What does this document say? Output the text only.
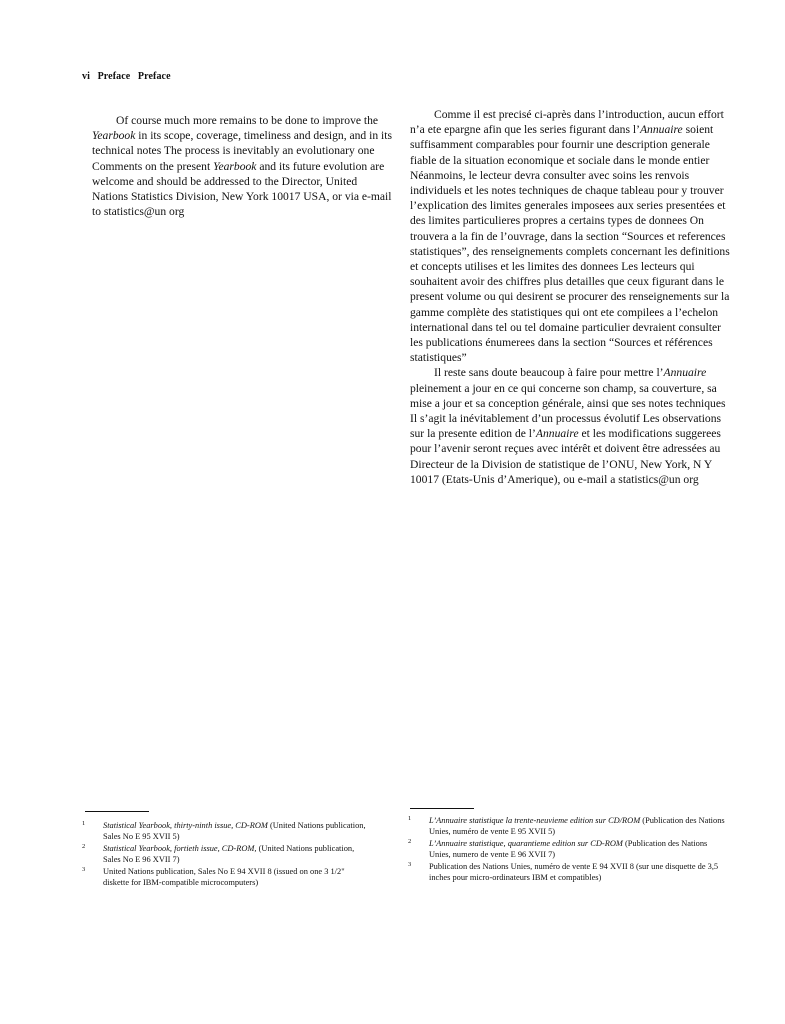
vi Preface Preface

Of course much more remains to be done to improve the Yearbook in its scope, coverage, timeliness and design, and in its technical notes The process is inevitably an evolutionary one Comments on the present Yearbook and its future evolution are welcome and should be addressed to the Director, United Nations Statistics Division, New York 10017 USA, or via e-mail to statistics@un org

Comme il est precisé ci-après dans l’introduction, aucun effort n’a ete epargne afin que les series figurant dans l’Annuaire soient suffisamment comparables pour fournir une description generale fiable de la situation economique et sociale dans le monde entier Néanmoins, le lecteur devra consulter avec soins les renvois individuels et les notes techniques de chaque tableau pour y trouver l’explication des limites generales imposees aux series presentées et des limites particulieres propres a certains types de donnees On trouvera a la fin de l’ouvrage, dans la section “Sources et references statistiques”, des renseignements complets concernant les definitions et concepts utilises et les limites des donnees Les lecteurs qui souhaitent avoir des chiffres plus detailles que ceux figurant dans le present volume ou qui desirent se procurer des renseignements sur la gamme complète des statistiques qui ont ete compilees a l’echelon international dans tel ou tel domaine particulier devraient consulter les publications énumerees dans la section “Sources et références statistiques”

Il reste sans doute beaucoup à faire pour mettre l’Annuaire pleinement a jour en ce qui concerne son champ, sa couverture, sa mise a jour et sa conception générale, ainsi que ses notes techniques Il s’agit la inévitablement d’un processus évolutif Les observations sur la presente edition de l’Annuaire et les modifications suggerees pour l’avenir seront reçues avec intérêt et doivent être adressées au Directeur de la Division de statistique de l’ONU, New York, N Y 10017 (Etats-Unis d’Amerique), ou e-mail a statistics@un org

1	Statistical Yearbook, thirty-ninth issue, CD-ROM (United Nations publication, Sales No E 95 XVII 5)
2	Statistical Yearbook, fortieth issue, CD-ROM, (United Nations publication, Sales No E 96 XVII 7)
3	United Nations publication, Sales No E 94 XVII 8 (issued on one 3 1/2" diskette for IBM-compatible microcomputers)
1	L’Annuaire statistique la trente-neuvieme edition sur CD/ROM (Publication des Nations Unies, numéro de vente E 95 XVII 5)
2	L’Annuaire statistique, quarantieme edition sur CD-ROM (Publication des Nations Unies, numero de vente E 96 XVII 7)
3	Publication des Nations Unies, numéro de vente E 94 XVII 8 (sur une disquette de 3,5 inches pour micro-ordinateurs IBM et compatibles)
